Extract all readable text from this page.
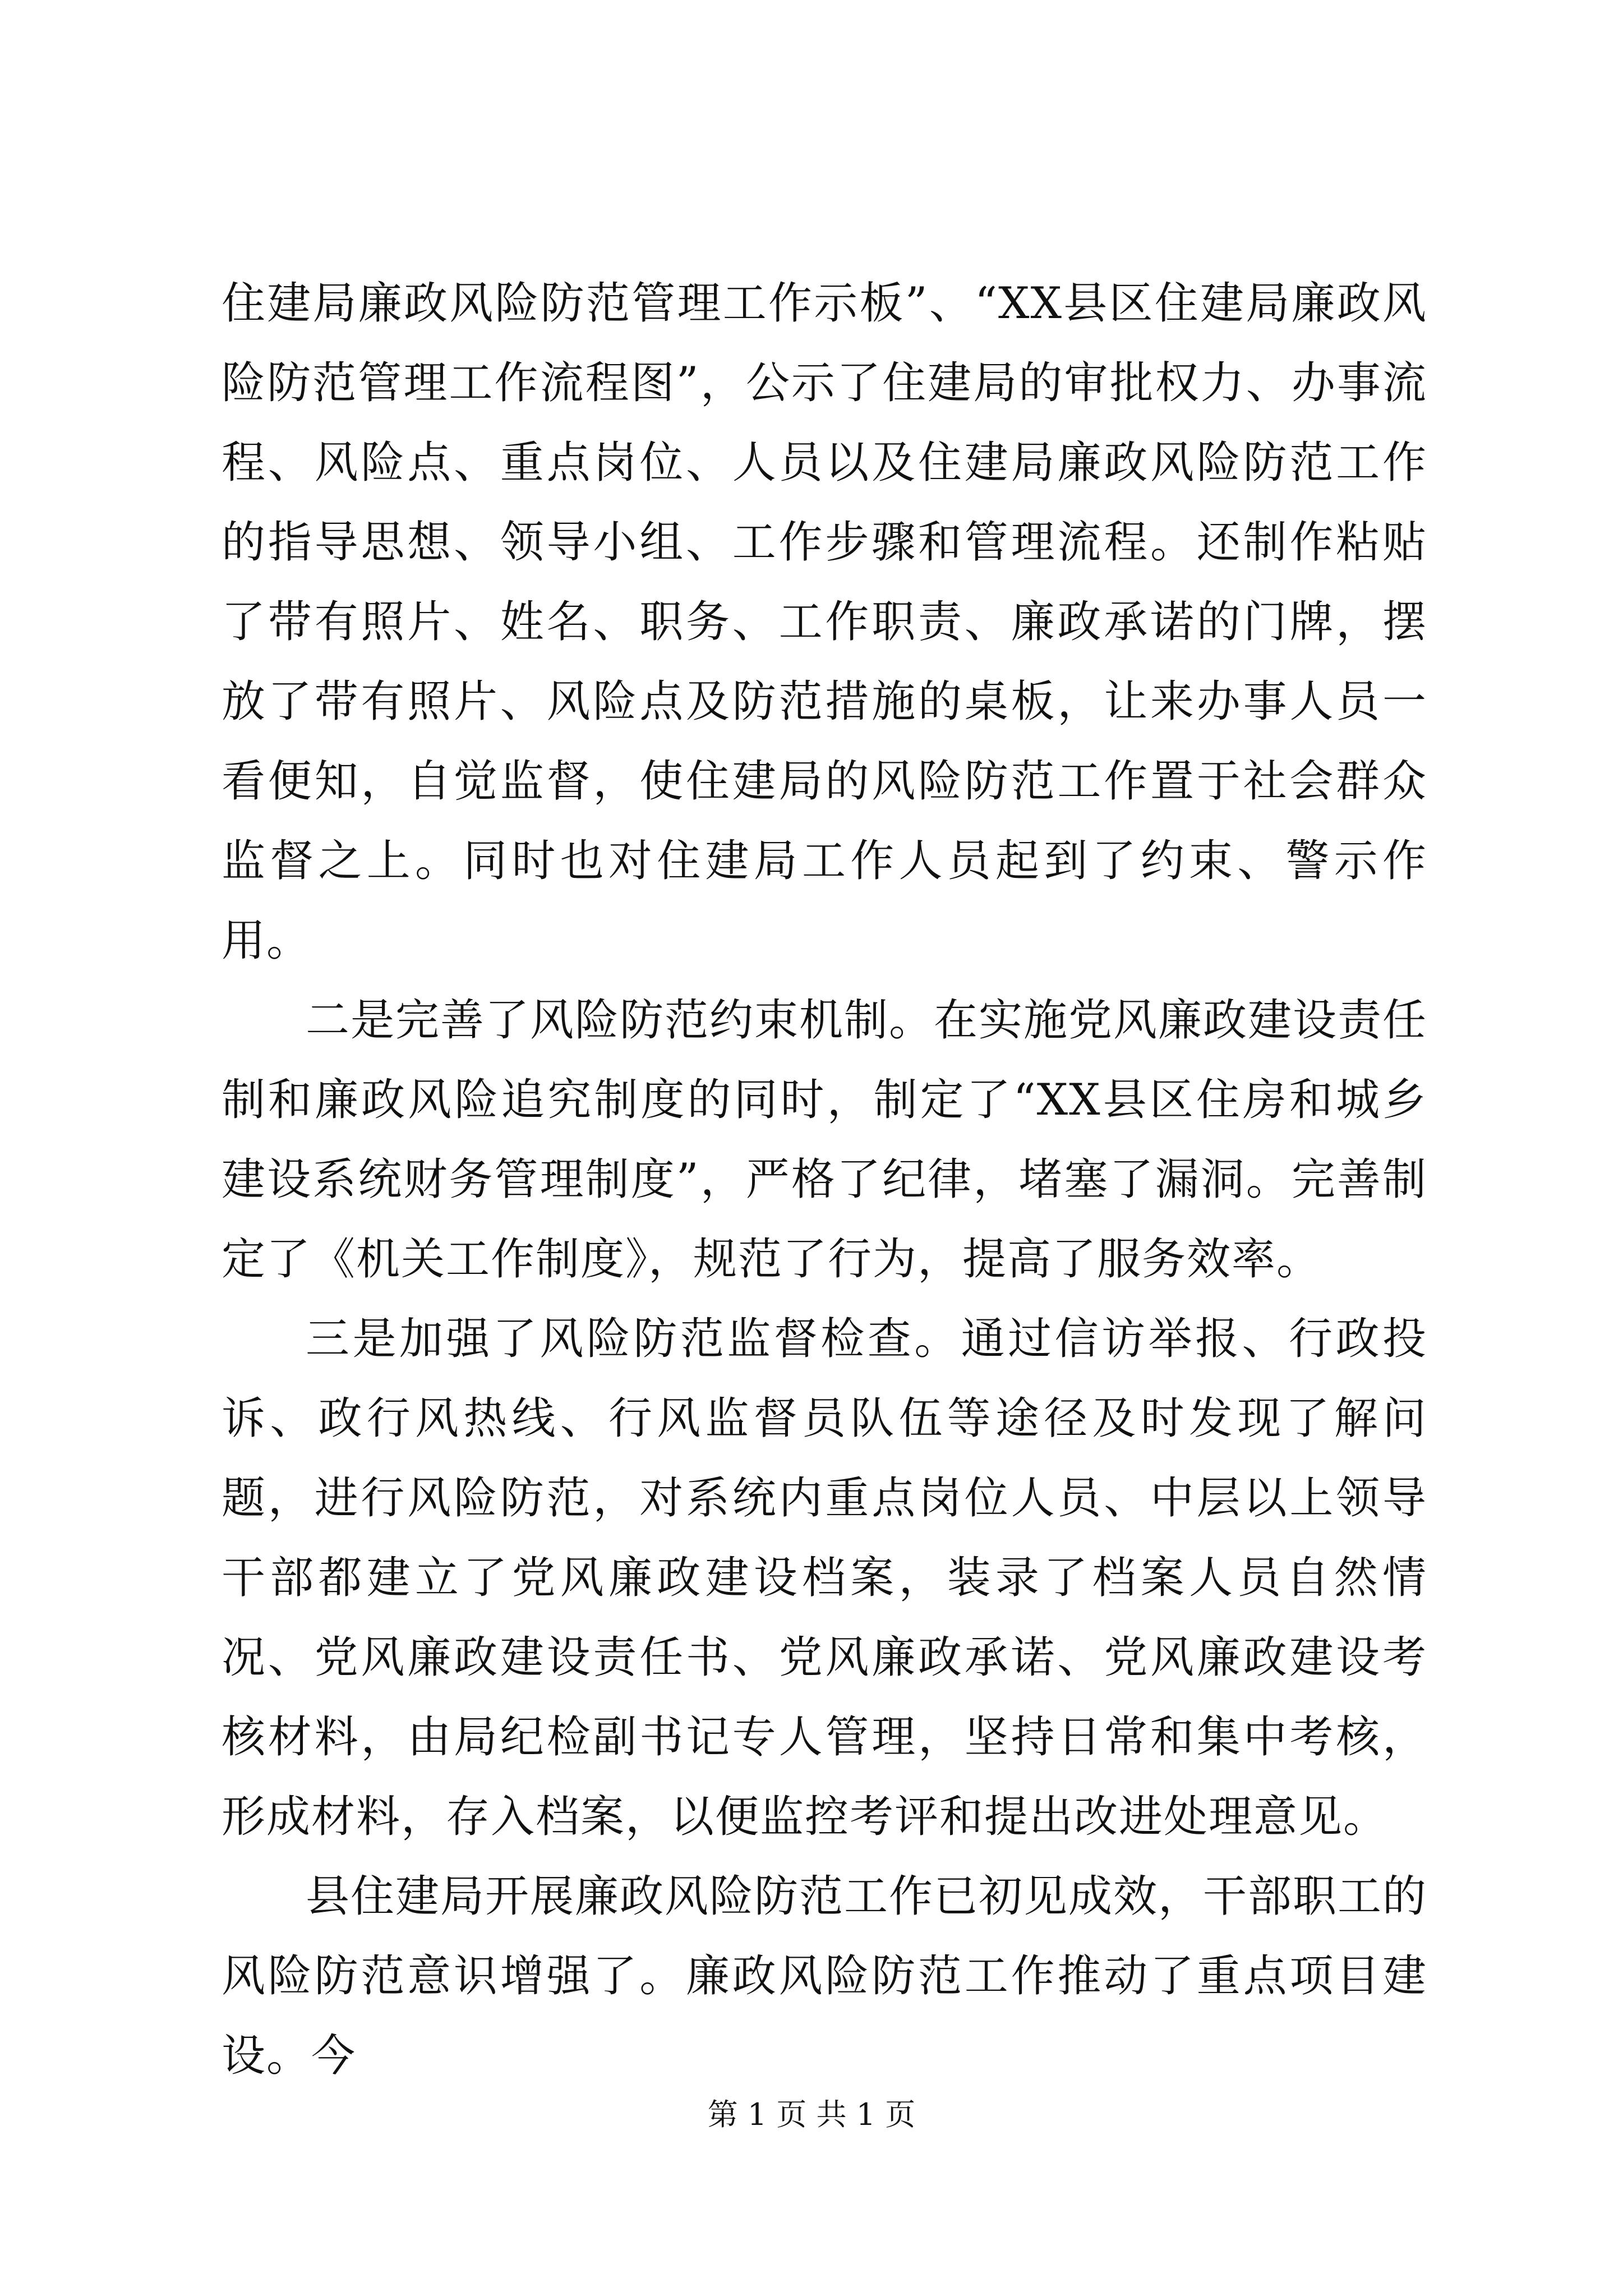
住建局廉政风险防范管理工作示板”、“XX县区住建局廉政风险防范管理工作流程图”，公示了住建局的审批权力、办事流程、风险点、重点岗位、人员以及住建局廉政风险防范工作的指导思想、领导小组、工作步骤和管理流程。还制作粘贴了带有照片、姓名、职务、工作职责、廉政承诺的门牌，摆放了带有照片、风险点及防范措施的桌板，让来办事人员一看便知，自觉监督，使住建局的风险防范工作置于社会群众监督之上。同时也对住建局工作人员起到了约束、警示作用。

二是完善了风险防范约束机制。在实施党风廉政建设责任制和廉政风险追究制度的同时，制定了“XX县区住房和城乡建设系统财务管理制度”，严格了纪律，堵塞了漏洞。完善制定了《机关工作制度》，规范了行为，提高了服务效率。

三是加强了风险防范监督检查。通过信访举报、行政投诉、政行风热线、行风监督员队伍等途径及时发现了解问题，进行风险防范，对系统内重点岗位人员、中层以上领导干部都建立了党风廉政建设档案，装录了档案人员自然情况、党风廉政建设责任书、党风廉政承诺、党风廉政建设考核材料，由局纪检副书记专人管理，坚持日常和集中考核，形成材料，存入档案，以便监控考评和提出改进处理意见。

县住建局开展廉政风险防范工作已初见成效，干部职工的风险防范意识增强了。廉政风险防范工作推动了重点项目建设。今

第 1 页 共 1 页
